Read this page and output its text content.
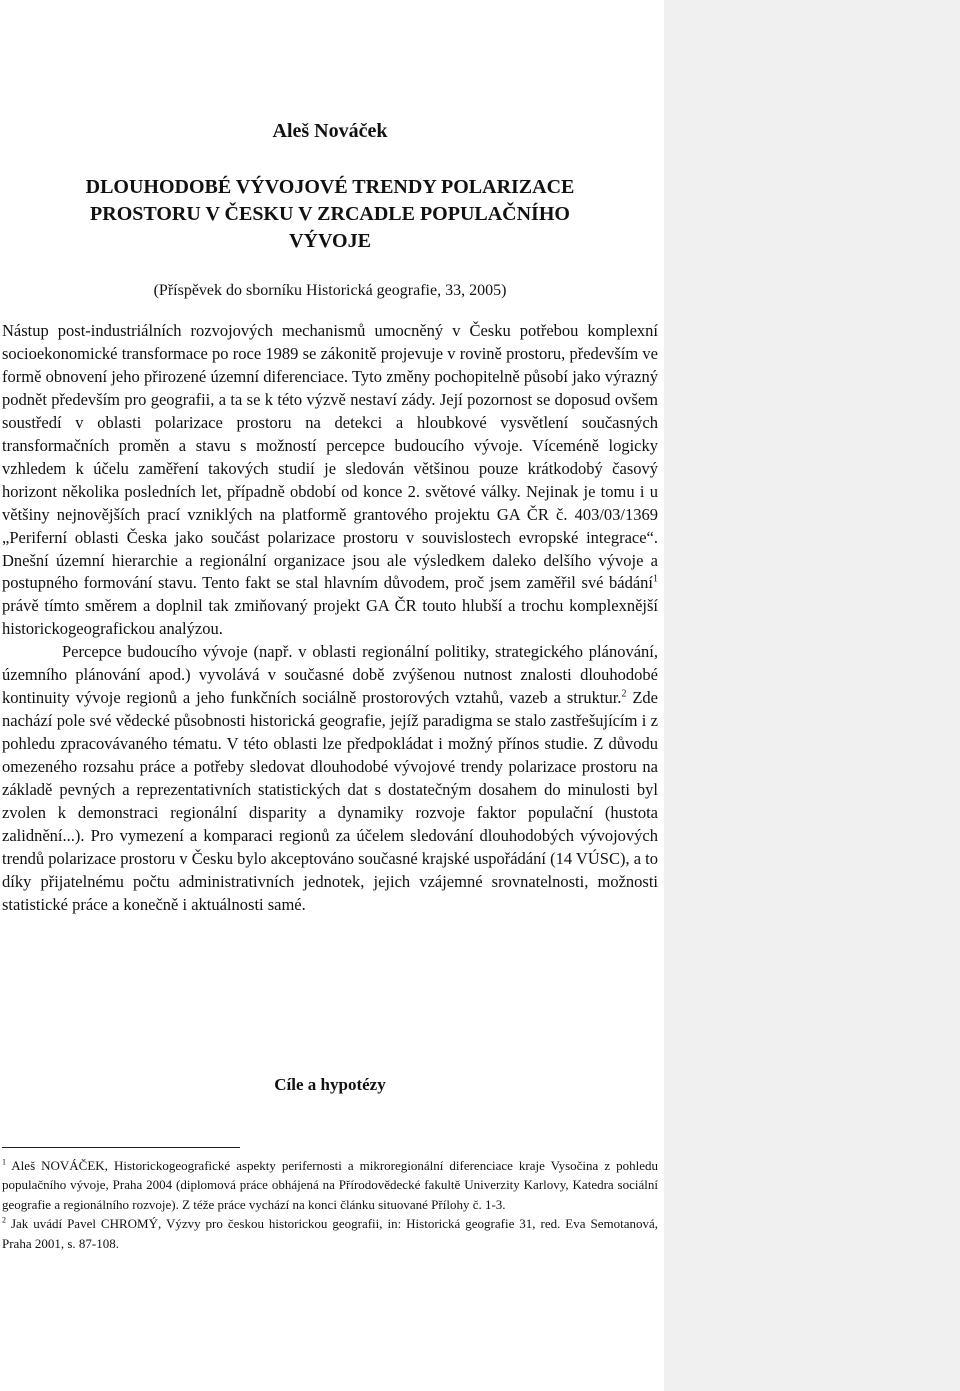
Aleš Nováček
DLOUHODOBÉ VÝVOJOVÉ TRENDY POLARIZACE
PROSTORU V ČESKU V ZRCADLE POPULAČNÍHO
VÝVOJE

(Příspěvek do sborníku Historická geografie, 33, 2005)

Nástup post-industriálních rozvojových mechanismů umocněný v Česku potřebou komplexní socioekonomické transformace po roce 1989 se zákonitě projevuje v rovině prostoru, především ve formě obnovení jeho přirozené územní diferenciace. Tyto změny pochopitelně působí jako výrazný podnět především pro geografii, a ta se k této výzvě nestaví zády. Její pozornost se doposud ovšem soustředí v oblasti polarizace prostoru na detekci a hloubkové vysvětlení současných transformačních proměn a stavu s možností percepce budoucího vývoje. Víceméně logicky vzhledem k účelu zaměření takových studií je sledován většinou pouze krátkodobý časový horizont několika posledních let, případně období od konce 2. světové války. Nejinak je tomu i u většiny nejnovějších prací vzniklých na platformě grantového projektu GA ČR č. 403/03/1369 „Periferní oblasti Česka jako součást polarizace prostoru v souvislostech evropské integrace“. Dnešní územní hierarchie a regionální organizace jsou ale výsledkem daleko delšího vývoje a postupného formování stavu. Tento fakt se stal hlavním důvodem, proč jsem zaměřil své bádání$^1$ právě tímto směrem a doplnil tak zmiňovaný projekt GA ČR touto hlubší a trochu komplexnější historickogeografickou analýzou.

Percepce budoucího vývoje (např. v oblasti regionální politiky, strategického plánování, územního plánování apod.) vyvolává v současné době zvýšenou nutnost znalosti dlouhodobé kontinuity vývoje regionů a jeho funkčních sociálně prostorových vztahů, vazeb a struktur.$^2$ Zde nachází pole své vědecké působnosti historická geografie, jejíž paradigma se stalo zastřešujícím i z pohledu zpracovávaného tématu. V této oblasti lze předpokládat i možný přínos studie. Z důvodu omezeného rozsahu práce a potřeby sledovat dlouhodobé vývojové trendy polarizace prostoru na základě pevných a reprezentativních statistických dat s dostatečným dosahem do minulosti byl zvolen k demonstraci regionální disparity a dynamiky rozvoje faktor populační (hustota zalidnění...). Pro vymezení a komparaci regionů za účelem sledování dlouhodobých vývojových trendů polarizace prostoru v Česku bylo akceptováno současné krajské uspořádání (14 VÚSC), a to díky přijatelnému počtu administrativních jednotek, jejich vzájemné srovnatelnosti, možnosti statistické práce a konečně i aktuálnosti samé.

Cíle a hypotézy

$^1$ Aleš NOVÁČEK, Historickogeografické aspekty perifernosti a mikroregionální diferenciace kraje Vysočina z pohledu populačního vývoje, Praha 2004 (diplomová práce obhájená na Přírodovědecké fakultě Univerzity Karlovy, Katedra sociální geografie a regionálního rozvoje). Z téže práce vychází na konci článku situované Přílohy č. 1-3.

$^2$ Jak uvádí Pavel CHROMÝ, Výzvy pro českou historickou geografii, in: Historická geografie 31, red. Eva Semotanová, Praha 2001, s. 87-108.
